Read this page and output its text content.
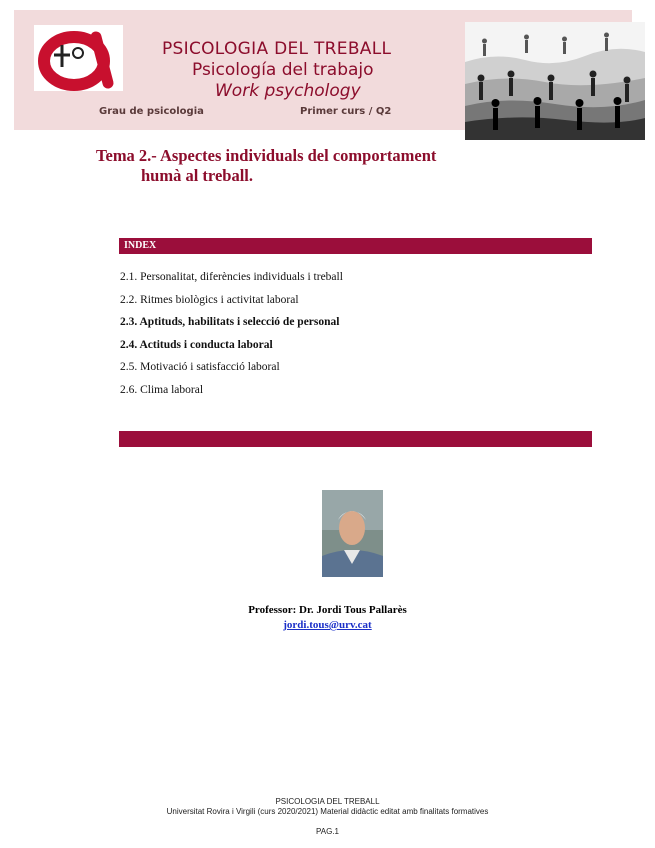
PSICOLOGIA DEL TREBALL
Psicología del trabajo
Work psychology
Grau de psicologia	Primer curs / Q2
Tema 2.- Aspectes individuals del comportament
humà al treball.
INDEX
2.1. Personalitat, diferències individuals i treball
2.2. Ritmes biològics i activitat laboral
2.3. Aptituds, habilitats i selecció de personal
2.4. Actituds i conducta laboral
2.5. Motivació i satisfacció laboral
2.6. Clima laboral
Professor: Dr. Jordi Tous Pallarès
jordi.tous@urv.cat
PSICOLOGIA DEL TREBALL
Universitat Rovira i Virgili (curs 2020/2021) Material didàctic editat amb finalitats formatives
PAG.1
